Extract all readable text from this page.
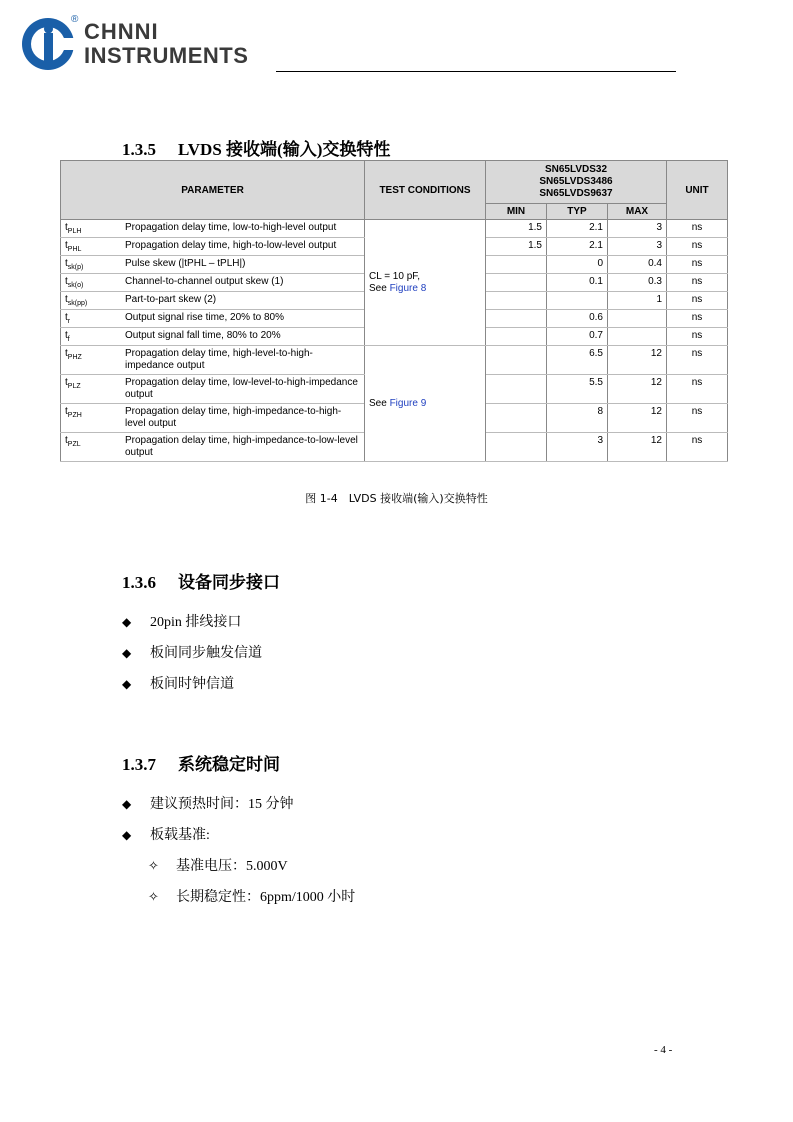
® CHNNI
INSTRUMENTS
1.3.5 LVDS 接收端(输入)交换特性
PARAMETER		TEST CONDITIONS	SN65LVDS32
SN65LVDS3486
SN65LVDS9637			UNIT
			MIN	TYP	MAX	
$t_{PLH}$	Propagation delay time, low-to-high-level output	CL = 10 pF,
See Figure 8	1.5	2.1	3	ns
$t_{PHL}$	Propagation delay time, high-to-low-level output		1.5	2.1	3	ns
$t_{sk(p)}$	Pulse skew (|tPHL – tPLH|)			0	0.4	ns
$t_{sk(o)}$	Channel-to-channel output skew (1)			0.1	0.3	ns
$t_{sk(pp)}$	Part-to-part skew (2)				1	ns
$t_r$	Output signal rise time, 20% to 80%			0.6		ns
$t_f$	Output signal fall time, 80% to 20%			0.7		ns
$t_{PHZ}$	Propagation delay time, high-level-to-high-impedance output	See Figure 9		6.5	12	ns
$t_{PLZ}$	Propagation delay time, low-level-to-high-impedance output			5.5	12	ns
$t_{PZH}$	Propagation delay time, high-impedance-to-high-level output			8	12	ns
$t_{PZL}$	Propagation delay time, high-impedance-to-low-level output			3	12	ns
图 1-4　LVDS 接收端(输入)交换特性
1.3.6 设备同步接口
◆ 20pin 排线接口
◆ 板间同步触发信道
◆ 板间时钟信道
1.3.7 系统稳定时间
◆ 建议预热时间：15 分钟
◆ 板载基准:
✧ 基准电压：5.000V
✧ 长期稳定性：6ppm/1000 小时
- 4 -
